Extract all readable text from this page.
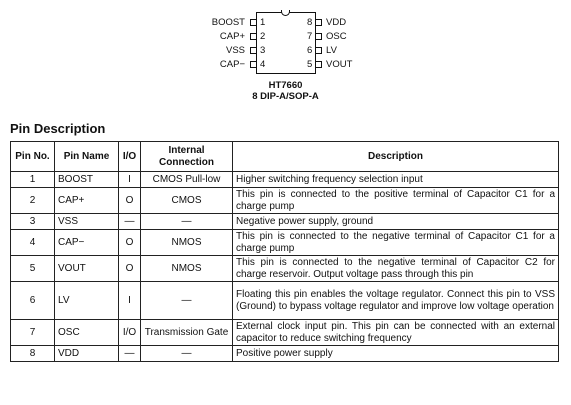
BOOST 1
CAP+ 2
VSS 3
CAP− 4
8 VDD
7 OSC
6 LV
5 VOUT
HT7660
8 DIP-A/SOP-A
Pin Description
Pin No.	Pin Name	I/O	Internal Connection	Description
1	BOOST	I	CMOS Pull-low	Higher switching frequency selection input
2	CAP+	O	CMOS	This pin is connected to the positive terminal of Capacitor C1 for a charge pump
3	VSS	—	—	Negative power supply, ground
4	CAP−	O	NMOS	This pin is connected to the negative terminal of Capacitor C1 for a charge pump
5	VOUT	O	NMOS	This pin is connected to the negative terminal of Capacitor C2 for charge reservoir. Output voltage pass through this pin
6	LV	I	—	Floating this pin enables the voltage regulator. Connect this pin to VSS (Ground) to bypass voltage regulator and improve low voltage operation
7	OSC	I/O	Transmission Gate	External clock input pin. This pin can be connected with an external capacitor to reduce switching frequency
8	VDD	—	—	Positive power supply
